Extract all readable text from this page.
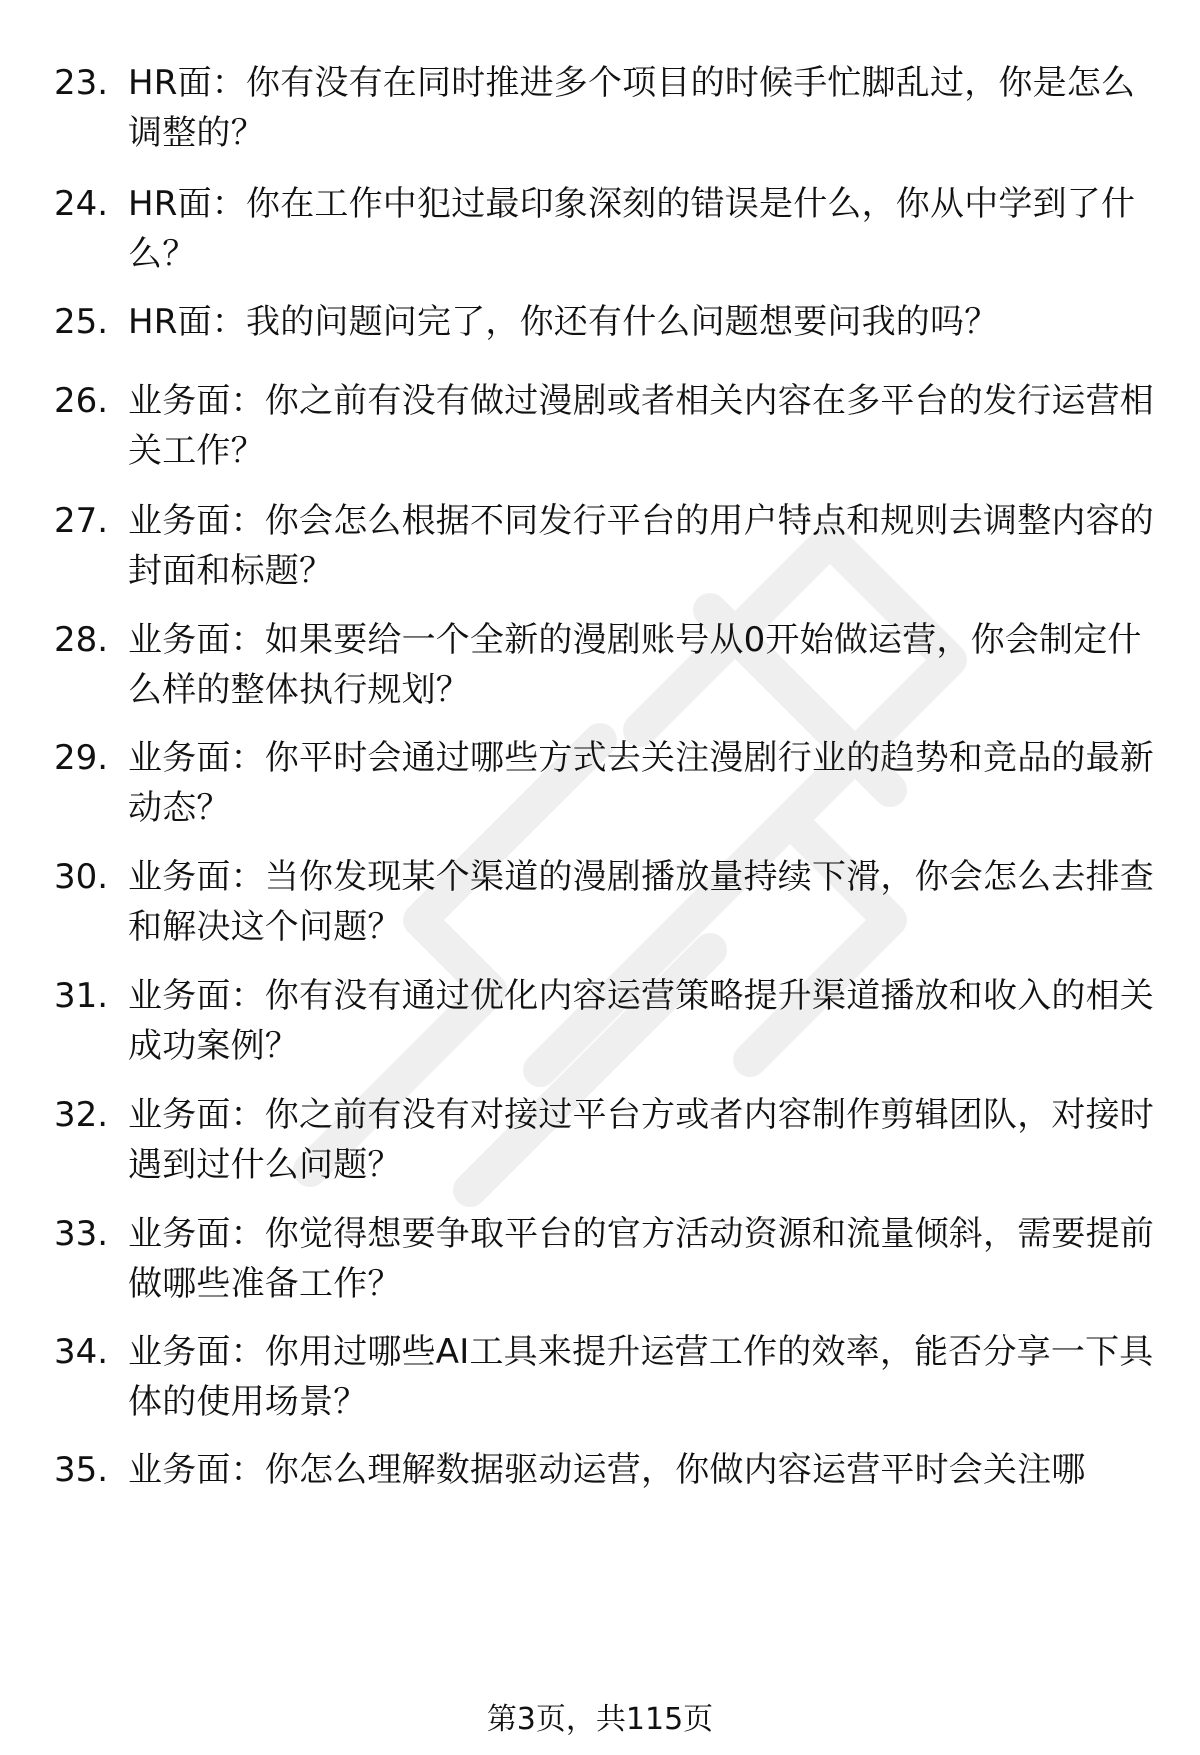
23. HR面：你有没有在同时推进多个项目的时候手忙脚乱过，你是怎么调整的？
24. HR面：你在工作中犯过最印象深刻的错误是什么，你从中学到了什么？
25. HR面：我的问题问完了，你还有什么问题想要问我的吗？
26. 业务面：你之前有没有做过漫剧或者相关内容在多平台的发行运营相关工作？
27. 业务面：你会怎么根据不同发行平台的用户特点和规则去调整内容的封面和标题？
28. 业务面：如果要给一个全新的漫剧账号从0开始做运营，你会制定什么样的整体执行规划？
29. 业务面：你平时会通过哪些方式去关注漫剧行业的趋势和竞品的最新动态？
30. 业务面：当你发现某个渠道的漫剧播放量持续下滑，你会怎么去排查和解决这个问题？
31. 业务面：你有没有通过优化内容运营策略提升渠道播放和收入的相关成功案例？
32. 业务面：你之前有没有对接过平台方或者内容制作剪辑团队，对接时遇到过什么问题？
33. 业务面：你觉得想要争取平台的官方活动资源和流量倾斜，需要提前做哪些准备工作？
34. 业务面：你用过哪些AI工具来提升运营工作的效率，能否分享一下具体的使用场景？
35. 业务面：你怎么理解数据驱动运营，你做内容运营平时会关注哪
第3页，共115页
